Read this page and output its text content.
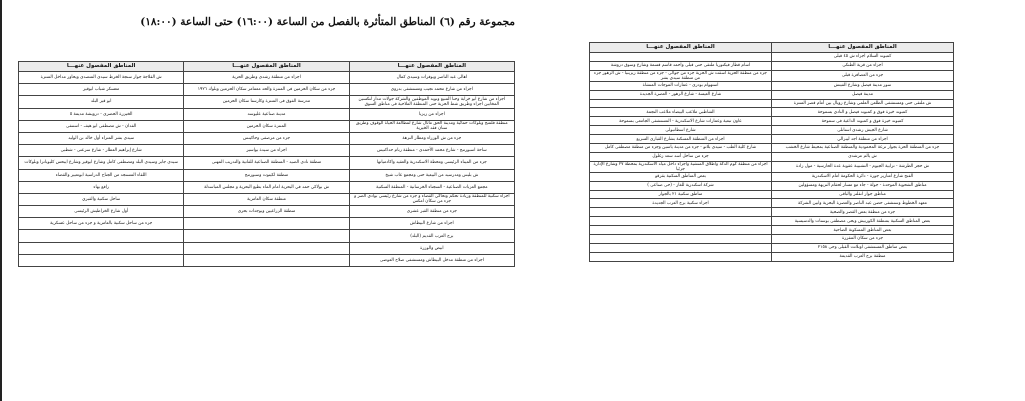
مجموعة رقم (٦) المناطق المتأثرة بالفصل من الساعة (١٦:٠٠) حتى الساعة (١٨:٠٠)
المناطق المفصول عنهـــا	المناطق المفصول عنهـــا	المناطق المفصول عنهـــا
اهالى عبد الناصر ويوفرات وسيدى كمال	اجزاء من منطقة رشدى وطريق الحرية	ش القلاجة جوار سنجة الخرط سيدى المتصدى ويحاور مداخل المنتزة
اجزاء من شارع محمد نجيب ومستشفى بدروى	جزء من سكان الحرمين فى المنتزة والحد معمامر سكان الحرمين وبلوك ١٩٢٦	معسكر شباب ابوقير
اجزاء من شارع ابو خرابة وحنا المنيع ونويه الموظفين والشركة جولات مدار لتكسين المخابين اجزاء وطريق شط الحرية حتى المنطقة الملاحية فى مناطق السوق	مدرسة الفوق فى المنتزة وكارستا سكان الحرمين	ابو قير البلد
اجزاء من زيزيا	مدينة صناعية عليوسه	الخيزرة الحضرى - درويشة مديمة ٥
منطقة فلمنج وبلوكات حمائية ومدينة الحق ماثال شارع لمطالعة الحياة الوقوف وطريق سنان فقد الخيرية	المنتزة سكان الحرمين	الفدان - ش مصطفى ابو هيف - استنفى
جزء من ش الوزراء ومطار النزهة	جزء من مرصفى وحاكينس	سيدى بشر المتراء أول خالد بن الوليد
ساحة اسبورتنج - شارع محمد الأحمدى - منطقة زنام حداكنيس	اجزاء من سيدة بواسير	شارع إبراهيم العطار - شارع سرعتى - شطبى
جزء من الميناء الرئيسى ومحطة الاسكندرية والعقيد واكادمياتها	منطقة نادى الصيد - المنطقة الصناعية للفاتية والتدريب المهنى	سيدى جابر وسيدى البلد ومصطفى كامل وشارع ابوقير وشارع ايبحس كليوباترا وبلوكات
ش بليس ومدرسيد من البيعية حتى ومجمع عاب شيخ	منطقة لكيتوت وسبورتنج	اللقاء المسنجد من الجناح الدراسية ابوتعبير والقضاء
مجمع العزبات الصناعية - السجناء الخرسانية - المنطقة السكنية	ش بولاكي حمد في البحرية امام الماء بطبع البحرية و مجلس المباسدلة	رافع بهاء
اجزاء سكنية للمنطقة وزيادة تحكم وتحاكي القضاء و جزء من شارع رئيسي بوادي الصر و جزء من سكان امكس	منطقة سكان العامرية	ساحل سكنية والقبري
جزء من منطقة القبر عشرى	منطقة الزراعيين ويوجدات بحرى	أول شارع الخراطيش الرئيسى
اجزاء من شارع البيطاش		جزء من ساحل سكنية بالعامرية و جزء من ساحل عسكرية
برج العرب القديم (البلد)		
ابيض والوزرة		
اجزاء من منطقة مدخل البيطاش ومستشفى صلاح العوضى		
المناطق المفصول عنهـــا	المناطق المفصول عنهـــا
كمبوند السلام اجزاء ش ٤٥ قبلى	
اجزاء من قرية الطنكى	اسام قطار فيكتوريا ملتقى حتى قبلى واحمد قاسم قسمة وشارع وسوق دروشة
جزء من العصافرة قبلى	جزء من منطقة الحرية اسقت ش الحرية جزء من جوالى - جزء من منطقة زيزينيا - ش الزهور جزء من منطقة سيدي بشر
سور مدينة فيصل وشارع الفيتش	استهوام بودرى - عمارات الموجات المنشاة
مدينة فيصل	شارع العيسة - شارع الزهور - العصرة الجديدة
ش ملتقى حتى ومستشفى الطلعن العلمي وشارع زويال بين أمام قصر المنتزة	
كمبوند خيرة فوق و كمبوند فيصل و النادي بسموحة	الشاطبي ملاعب البيضاء ملاعب النجمة
كمبوند خيرة فوق و كمبوند الداعية فى سموحة	عاون تبعية وعمارات شارع الاسكندرية - المستشفى الجامعى بسموحة
شارع الجيش رشدى استانلى	شارع اسطانبولى
اجزاء من منطقة اجد ليبرالي	اجزاء من المنطقة المسكنة بشارع القبارى السريع
جزء من المنطقة الحرة بجوار ترعة المحمودية والمنطقة الصناعية بمحيط شارع الخشب	شارع كلية الطب - سيدى بلاتو - جزء من مدينة ياسين وجزء من منطقة مصطفى كامل
ش يالم مرشدى	جزء من ساحل أسد سعد زغلول
ش حجر الطرشة - ترابية الجيوم - التشبيبة عقوبة عدة الحارسية - مول زادة	اجزاء من منطقة كوم الدكة واطلاق المنشية واجزاء داخل مياه الاسكندرية بمحطة ٢٧ وشارع الإدارة جزئيا
الفتح شارع امتازير جورة - دائرة الحكومة امام الاسكندرية	بعض المناطق السكنية بقرقو
مناطق الشحوية الموحدة - جولة - جاء مع مسار لحقام النزيهة ومسؤولين	شركة اسكندرية للغاز - (حى صناعى )
مناطق جوار انقلتر والباقى	مناطق سكنية ٢١ بالجوار
معهد الخطوط وستشفى حضن عبد الناصر والعصرة البحرية وابين الشركة	اجزاء سكنية برج العرب الجديدة
جزء من منطقة بعض القصر والصحية	
بعض المناطق السكنية بمنطقة الكورنيش وبحى مصطفى بوستات والدسيسية	
بعض المناطق المسكونة الضاحية	
جزء من سكان المقررة	
بعض مناطق المستشفى اونلانت القبلى وحى ٢١٥٨	
منطقة برج العرب القديمة	
